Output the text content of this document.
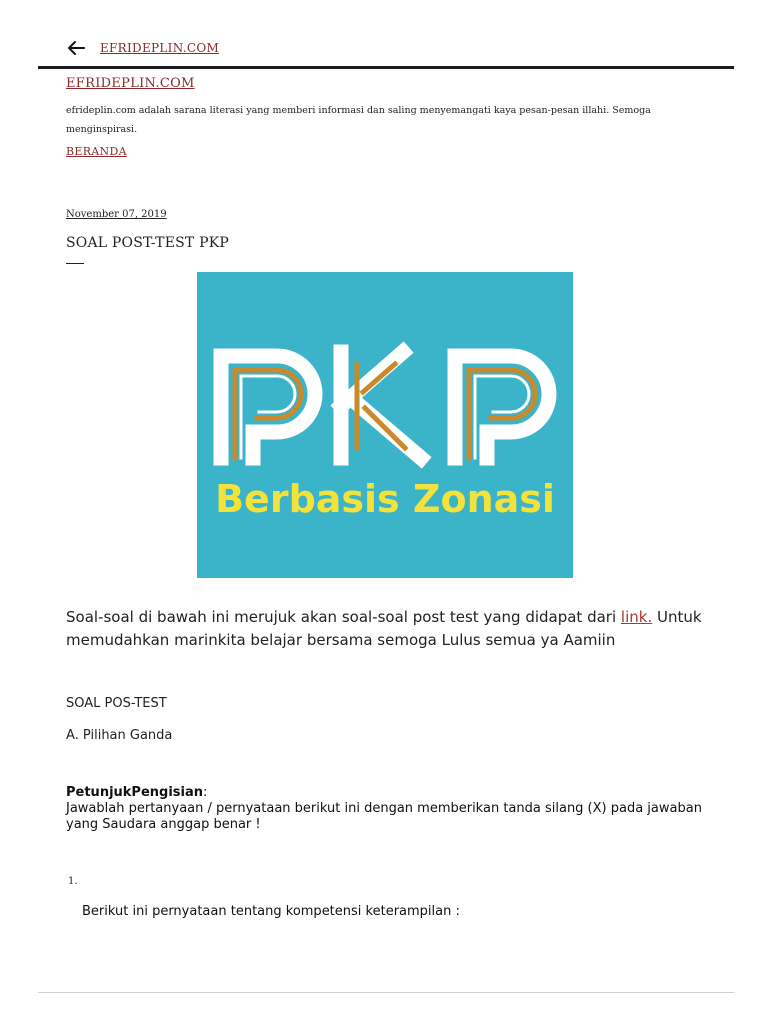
EFRIDEPLIN.COM
EFRIDEPLIN.COM
efrideplin.com adalah sarana literasi yang memberi informasi dan saling menyemangati kaya pesan-pesan illahi. Semoga menginspirasi.
BERANDA
November 07, 2019
SOAL POST-TEST PKP
Berbasis Zonasi
Soal-soal di bawah ini merujuk akan soal-soal post test yang didapat dari link. Untuk memudahkan marinkita belajar bersama semoga Lulus semua ya Aamiin
SOAL POS-TEST
A. Pilihan Ganda
PetunjukPengisian:
Jawablah pertanyaan / pernyataan berikut ini dengan memberikan tanda silang (X) pada jawaban yang Saudara anggap benar !
1.
Berikut ini pernyataan tentang kompetensi keterampilan :
